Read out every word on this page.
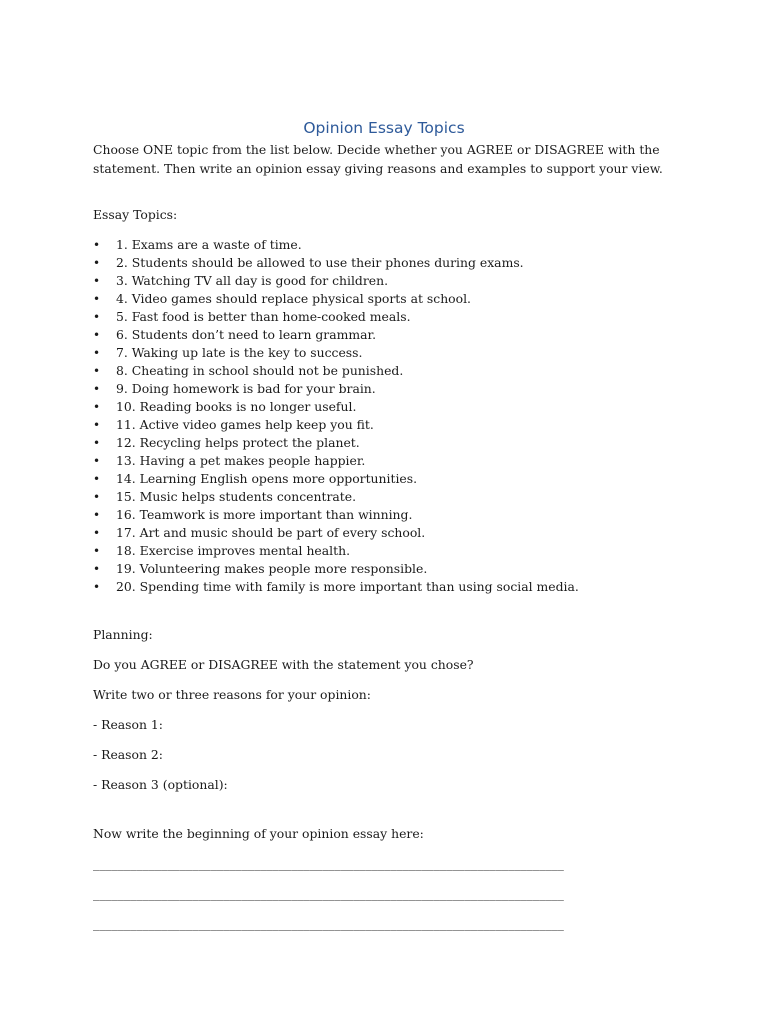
Opinion Essay Topics
Choose ONE topic from the list below. Decide whether you AGREE or DISAGREE with the
statement. Then write an opinion essay giving reasons and examples to support your view.
Essay Topics:
• 1. Exams are a waste of time.
• 2. Students should be allowed to use their phones during exams.
• 3. Watching TV all day is good for children.
• 4. Video games should replace physical sports at school.
• 5. Fast food is better than home-cooked meals.
• 6. Students don’t need to learn grammar.
• 7. Waking up late is the key to success.
• 8. Cheating in school should not be punished.
• 9. Doing homework is bad for your brain.
• 10. Reading books is no longer useful.
• 11. Active video games help keep you fit.
• 12. Recycling helps protect the planet.
• 13. Having a pet makes people happier.
• 14. Learning English opens more opportunities.
• 15. Music helps students concentrate.
• 16. Teamwork is more important than winning.
• 17. Art and music should be part of every school.
• 18. Exercise improves mental health.
• 19. Volunteering makes people more responsible.
• 20. Spending time with family is more important than using social media.
Planning:
Do you AGREE or DISAGREE with the statement you chose?
Write two or three reasons for your opinion:
- Reason 1:
- Reason 2:
- Reason 3 (optional):
Now write the beginning of your opinion essay here:
____________________________________________________________________________
____________________________________________________________________________
____________________________________________________________________________
